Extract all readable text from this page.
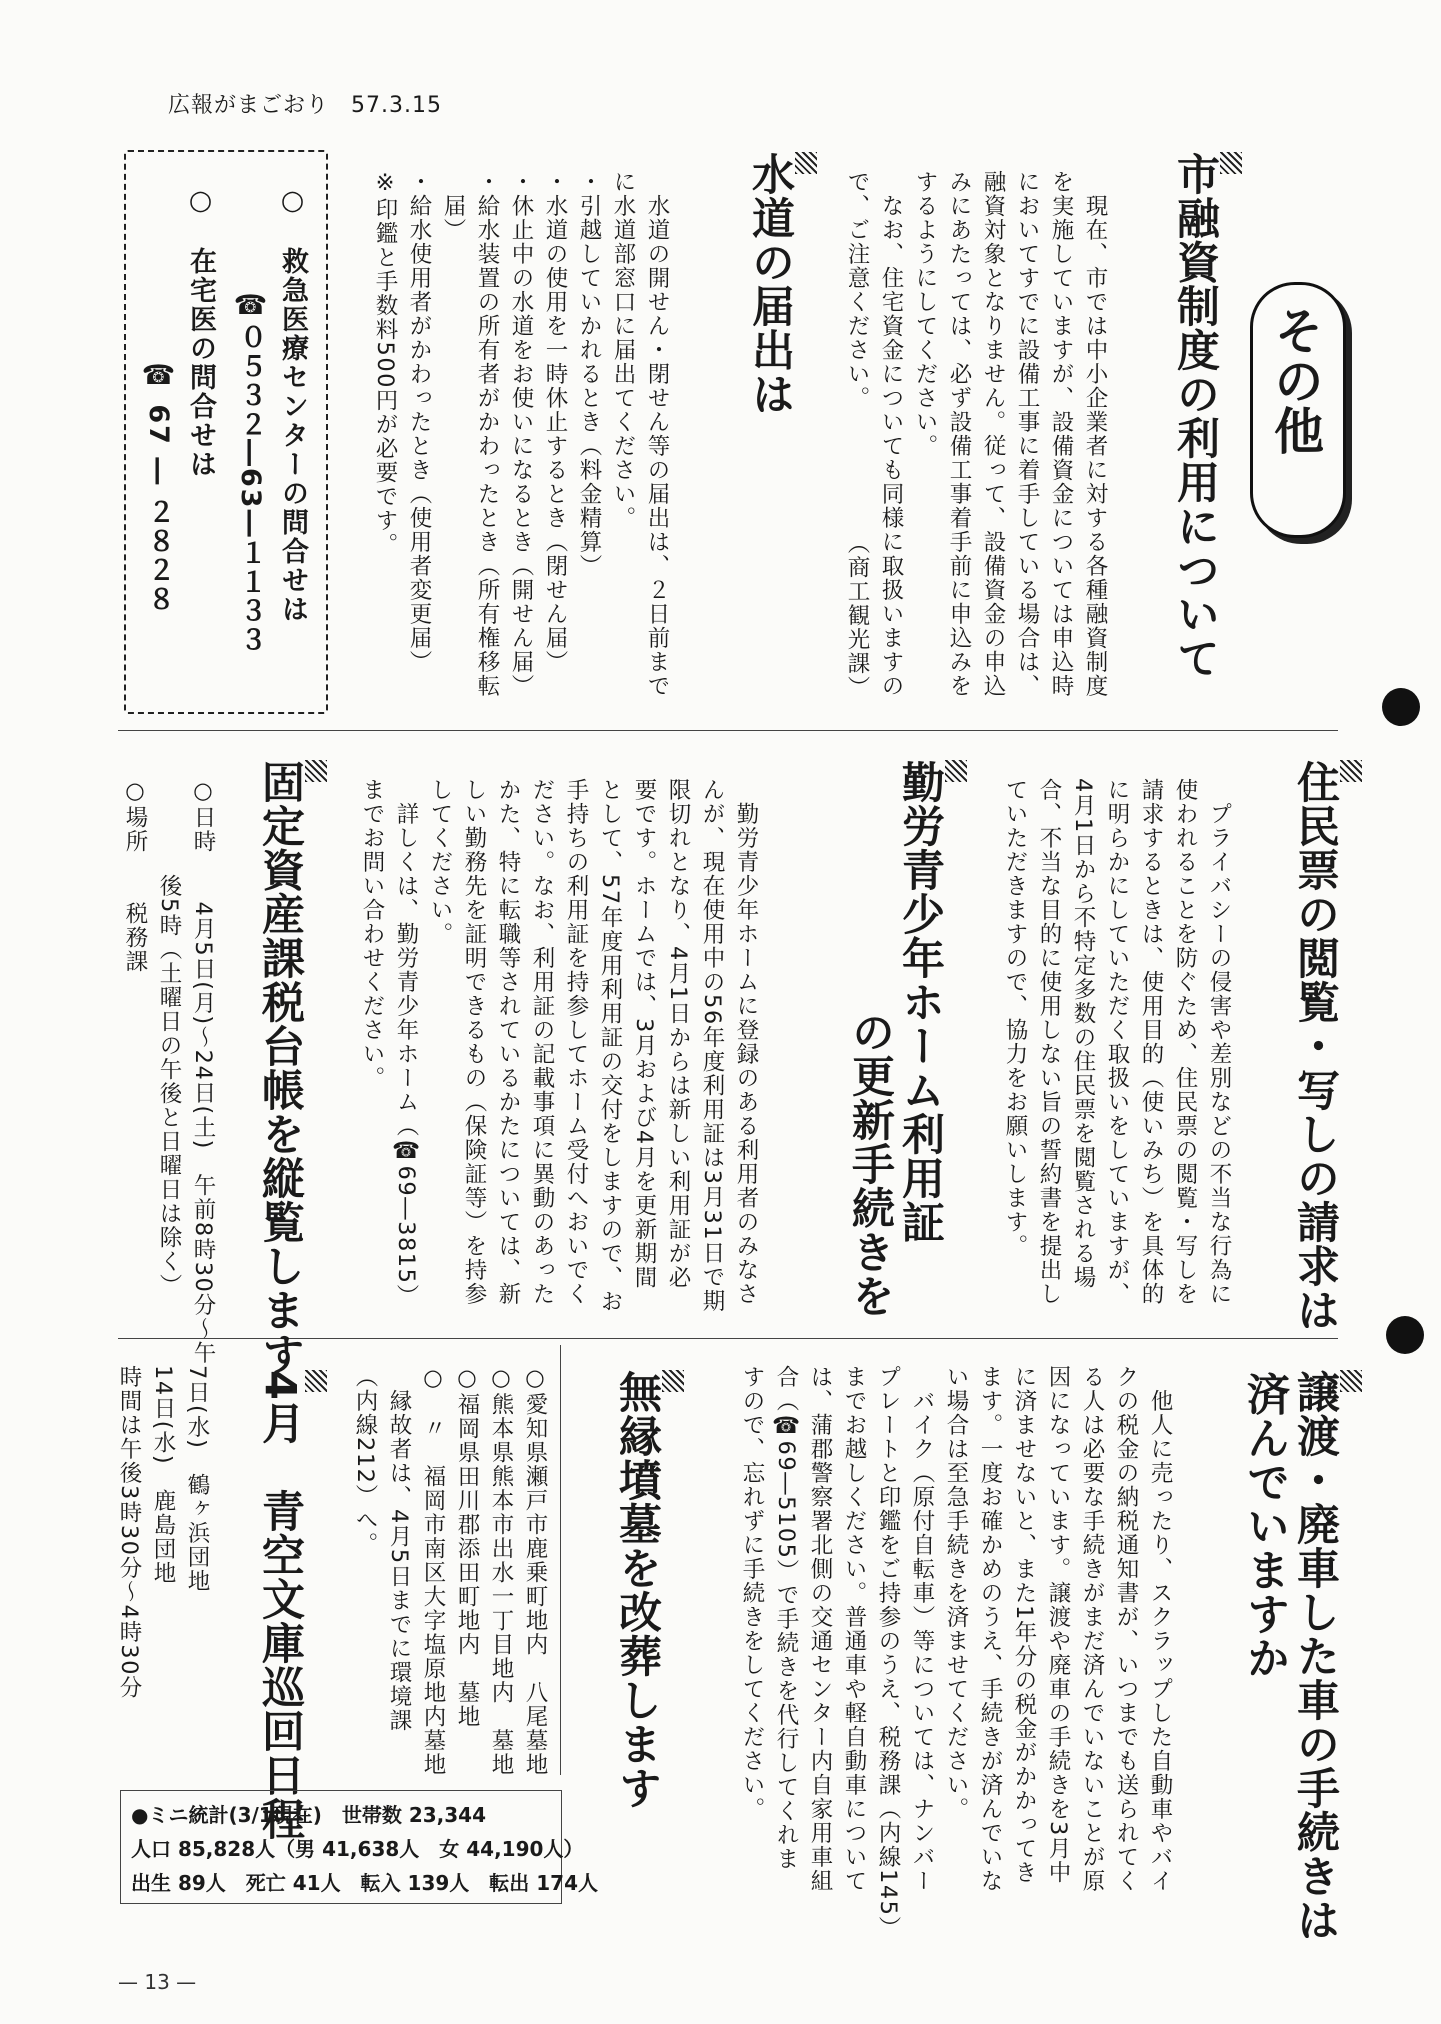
広報がまごおり 57.3.15
その他
市融資制度の利用について
　現在、市では中小企業者に対する各種融資制度
を実施していますが、設備資金については申込時
においてすでに設備工事に着手している場合は、
融資対象となりません。従って、設備資金の申込
みにあたっては、必ず設備工事着手前に申込みを
するようにしてください。
　なお、住宅資金についても同様に取扱いますの
で、ご注意ください。　　　　　　（商工観光課）
水道の届出は
　水道の開せん・閉せん等の届出は、２日前まで
に水道部窓口に届出てください。
・引越していかれるとき（料金精算）
・水道の使用を一時休止するとき（閉せん届）
・休止中の水道をお使いになるとき（開せん届）
・給水装置の所有者がかわったとき（所有権移転
　届）
・給水使用者がかわったとき（使用者変更届）
※印鑑と手数料500円が必要です。
○　救急医療センターの問合せは
☎０５３２―63―１１３３
○　在宅医の問合せは
☎ 67 ― ２８２８
住民票の閲覧・写しの請求は
　プライバシーの侵害や差別などの不当な行為に
使われることを防ぐため、住民票の閲覧・写しを
請求するときは、使用目的（使いみち）を具体的
に明らかにしていただく取扱いをしていますが、
4月1日から不特定多数の住民票を閲覧される場
合、不当な目的に使用しない旨の誓約書を提出し
ていただきますので、協力をお願いします。
勤労青少年ホーム利用証
の更新手続きを
　勤労青少年ホームに登録のある利用者のみなさ
んが、現在使用中の56年度利用証は3月31日で期
限切れとなり、4月1日からは新しい利用証が必
要です。ホームでは、3月および4月を更新期間
として、57年度用利用証の交付をしますので、お
手持ちの利用証を持参してホーム受付へおいでく
ださい。なお、利用証の記載事項に異動のあった
かた、特に転職等されているかたについては、新
しい勤務先を証明できるもの（保険証等）を持参
してください。
　詳しくは、勤労青少年ホーム（☎69―3815）
までお問い合わせください。
固定資産課税台帳を縦覧します
○日時　　4月5日(月)～24日(土)　午前8時30分～午
　　　　後5時（土曜日の午後と日曜日は除く）
○場所　　税務課
譲渡・廃車した車の手続きは
済んでいますか
　他人に売ったり、スクラップした自動車やバイ
クの税金の納税通知書が、いつまでも送られてく
る人は必要な手続きがまだ済んでいないことが原
因になっています。譲渡や廃車の手続きを3月中
に済ませないと、また1年分の税金がかかってき
ます。一度お確かめのうえ、手続きが済んでいな
い場合は至急手続きを済ませてください。
　バイク（原付自転車）等については、ナンバー
プレートと印鑑をご持参のうえ、税務課（内線145）
までお越しください。普通車や軽自動車について
は、蒲郡警察署北側の交通センター内自家用車組
合（☎69―5105）で手続きを代行してくれま
すので、忘れずに手続きをしてください。
無縁墳墓を改葬します
○愛知県瀬戸市鹿乗町地内　八尾墓地
○熊本県熊本市出水一丁目地内　墓地
○福岡県田川郡添田町地内　墓地
○　〃　福岡市南区大字塩原地内墓地
　縁故者は、4月5日までに環境課
（内線212）へ。
4月　青空文庫巡回日程
7日(水)　鶴ヶ浜団地
14日(水)　鹿島団地
時間は午後3時30分～4時30分
●ミニ統計(3/1現在)　 世帯数 23,344
人口 85,828人（男 41,638人　女 44,190人）
出生 89人　死亡 41人　転入 139人　転出 174人
— 13 —
